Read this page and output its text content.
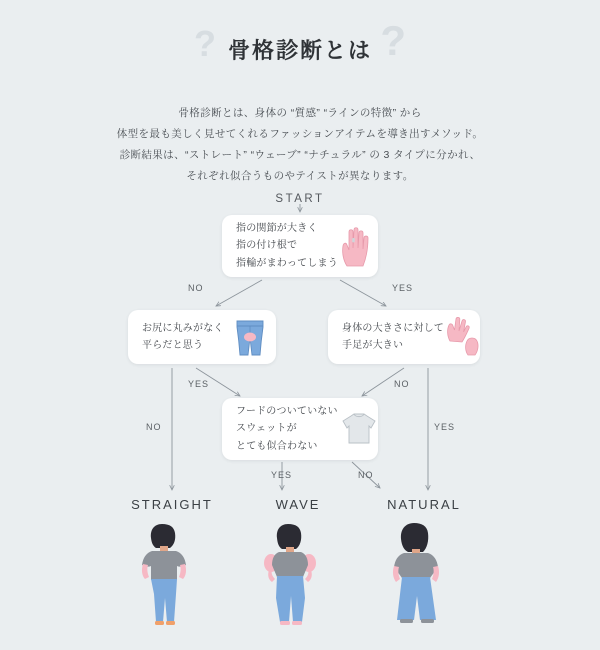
? 骨格診断とは ?
骨格診断とは、身体の “質感” “ラインの特徴” から
体型を最も美しく見せてくれるファッションアイテムを導き出すメソッド。
診断結果は、“ストレート” “ウェーブ” “ナチュラル” の 3 タイプに分かれ、
それぞれ似合うものやテイストが異なります。
START
NO	YES
YES	NO
NO	YES
YES	NO
指の関節が大きく
指の付け根で
指輪がまわってしまう
お尻に丸みがなく
平らだと思う
身体の大きさに対して
手足が大きい
フードのついていない
スウェットが
とても似合わない
STRAIGHT	WAVE	NATURAL
